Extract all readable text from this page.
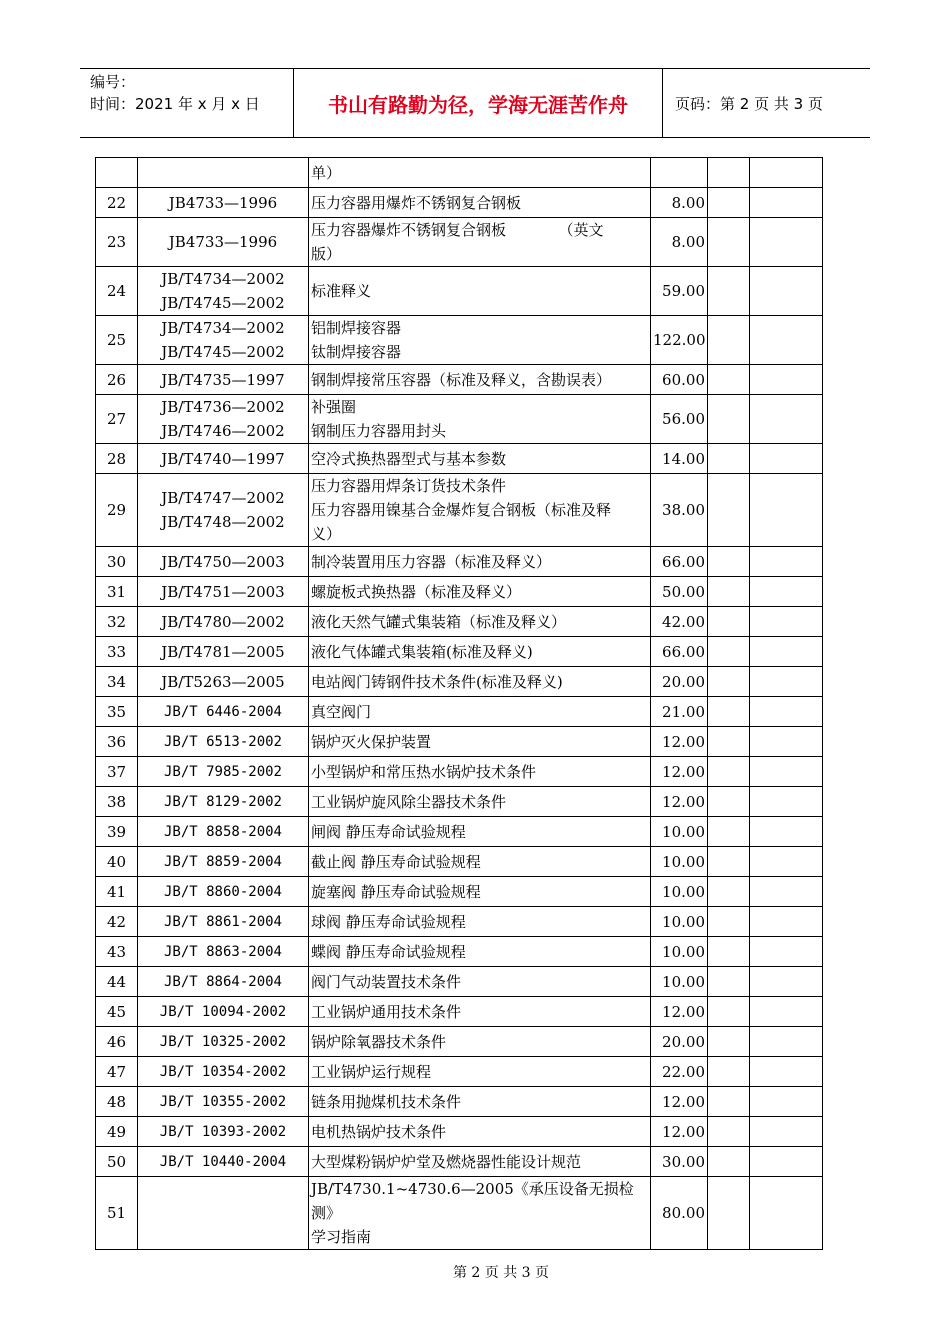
编号：
时间：2021 年 x 月 x 日	书山有路勤为径，学海无涯苦作舟	页码：第 2 页 共 3 页

		单）			

22	JB4733—1996	压力容器用爆炸不锈钢复合钢板	8.00		
23	JB4733—1996	压力容器爆炸不锈钢复合钢板　　　　（英文
版）	8.00		
24	JB/T4734—2002
JB/T4745—2002	标准释义	59.00		
25	JB/T4734—2002
JB/T4745—2002	铝制焊接容器
钛制焊接容器	122.00		
26	JB/T4735—1997	钢制焊接常压容器（标准及释义，含勘误表）	60.00		
27	JB/T4736—2002
JB/T4746—2002	补强圈
钢制压力容器用封头	56.00		
28	JB/T4740—1997	空冷式换热器型式与基本参数	14.00		
29	JB/T4747—2002
JB/T4748—2002	压力容器用焊条订货技术条件
压力容器用镍基合金爆炸复合钢板（标准及释
义）	38.00		
30	JB/T4750—2003	制冷装置用压力容器（标准及释义）	66.00		
31	JB/T4751—2003	螺旋板式换热器（标准及释义）	50.00		
32	JB/T4780—2002	液化天然气罐式集装箱（标准及释义）	42.00		
33	JB/T4781—2005	液化气体罐式集装箱(标准及释义)	66.00		
34	JB/T5263—2005	电站阀门铸钢件技术条件(标准及释义)	20.00		
35	JB/T 6446-2004	真空阀门	21.00		
36	JB/T 6513-2002	锅炉灭火保护装置	12.00		
37	JB/T 7985-2002	小型锅炉和常压热水锅炉技术条件	12.00		
38	JB/T 8129-2002	工业锅炉旋风除尘器技术条件	12.00		
39	JB/T 8858-2004	闸阀 静压寿命试验规程	10.00		
40	JB/T 8859-2004	截止阀 静压寿命试验规程	10.00		
41	JB/T 8860-2004	旋塞阀 静压寿命试验规程	10.00		
42	JB/T 8861-2004	球阀 静压寿命试验规程	10.00		
43	JB/T 8863-2004	蝶阀 静压寿命试验规程	10.00		
44	JB/T 8864-2004	阀门气动装置技术条件	10.00		
45	JB/T 10094-2002	工业锅炉通用技术条件	12.00		
46	JB/T 10325-2002	锅炉除氧器技术条件	20.00		
47	JB/T 10354-2002	工业锅炉运行规程	22.00		
48	JB/T 10355-2002	链条用抛煤机技术条件	12.00		
49	JB/T 10393-2002	电机热锅炉技术条件	12.00		
50	JB/T 10440-2004	大型煤粉锅炉炉堂及燃烧器性能设计规范	30.00		
51		JB/T4730.1~4730.6—2005《承压设备无损检测》
学习指南	80.00		
第 2 页 共 3 页
